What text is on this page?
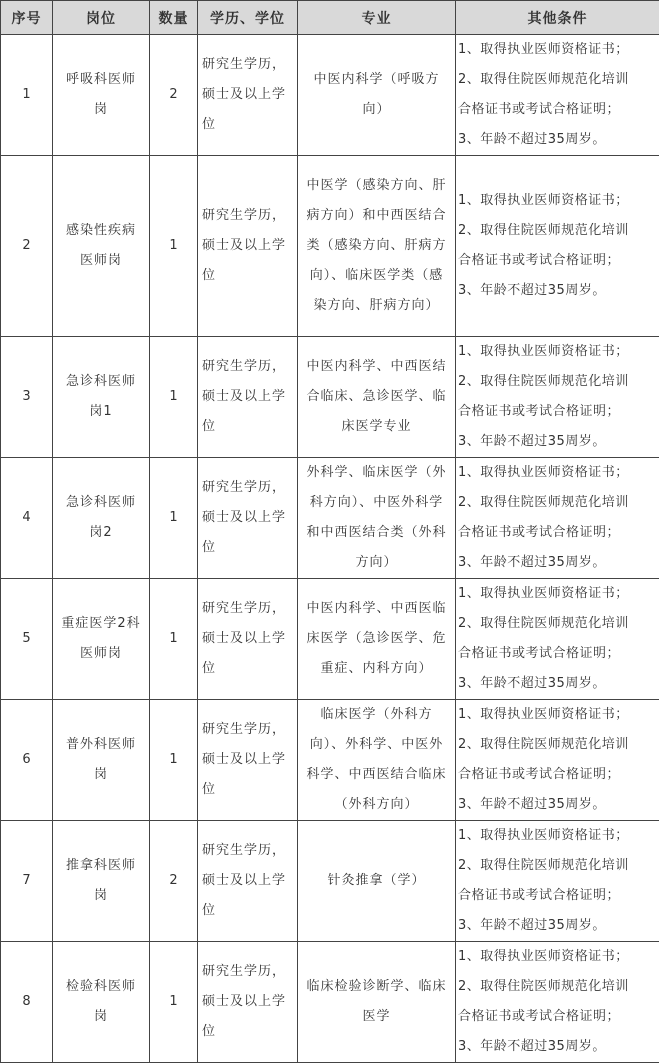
序号	岗位	数量	学历、学位	专业	其他条件
1	呼吸科医师岗	2	研究生学历，硕士及以上学位	中医内科学（呼吸方向）	1、取得执业医师资格证书；
2、取得住院医师规范化培训
合格证书或考试合格证明；
3、年龄不超过35周岁。

2	感染性疾病医师岗	1	研究生学历，硕士及以上学位	中医学（感染方向、肝病方向）和中西医结合类（感染方向、肝病方向）、临床医学类（感染方向、肝病方向）	1、取得执业医师资格证书；
2、取得住院医师规范化培训
合格证书或考试合格证明；
3、年龄不超过35周岁。

3	急诊科医师岗1	1	研究生学历，硕士及以上学位	中医内科学、中西医结合临床、急诊医学、临床医学专业	1、取得执业医师资格证书；
2、取得住院医师规范化培训
合格证书或考试合格证明；
3、年龄不超过35周岁。

4	急诊科医师岗2	1	研究生学历，硕士及以上学位	外科学、临床医学（外科方向）、中医外科学和中西医结合类（外科方向）	1、取得执业医师资格证书；
2、取得住院医师规范化培训
合格证书或考试合格证明；
3、年龄不超过35周岁。

5	重症医学2科医师岗	1	研究生学历，硕士及以上学位	中医内科学、中西医临床医学（急诊医学、危重症、内科方向）	1、取得执业医师资格证书；
2、取得住院医师规范化培训
合格证书或考试合格证明；
3、年龄不超过35周岁。

6	普外科医师岗	1	研究生学历，硕士及以上学位	临床医学（外科方向）、外科学、中医外科学、中西医结合临床（外科方向）	1、取得执业医师资格证书；
2、取得住院医师规范化培训
合格证书或考试合格证明；
3、年龄不超过35周岁。

7	推拿科医师岗	2	研究生学历，硕士及以上学位	针灸推拿（学）	1、取得执业医师资格证书；
2、取得住院医师规范化培训
合格证书或考试合格证明；
3、年龄不超过35周岁。

8	检验科医师岗	1	研究生学历，硕士及以上学位	临床检验诊断学、临床医学	1、取得执业医师资格证书；
2、取得住院医师规范化培训
合格证书或考试合格证明；
3、年龄不超过35周岁。
